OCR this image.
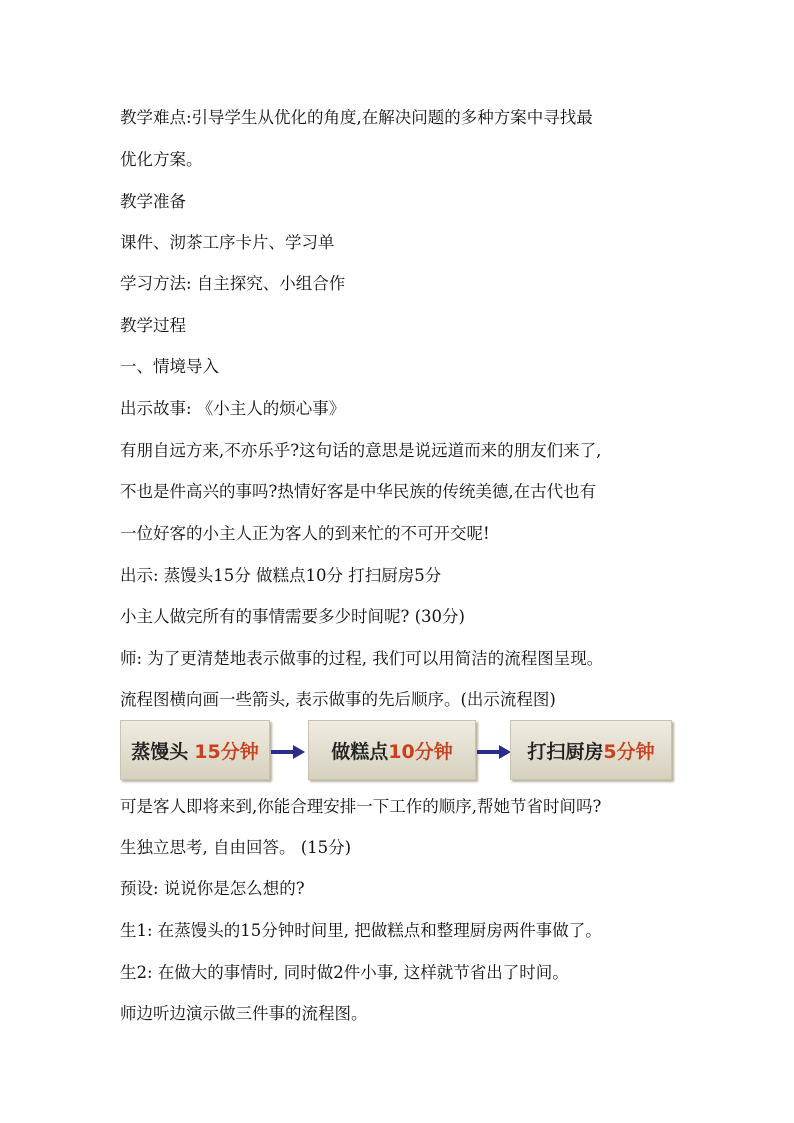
教学难点:引导学生从优化的角度,在解决问题的多种方案中寻找最
优化方案。
教学准备
课件、沏茶工序卡片、学习单
学习方法: 自主探究、小组合作
教学过程
一、情境导入
出示故事: 《小主人的烦心事》
有朋自远方来,不亦乐乎?这句话的意思是说远道而来的朋友们来了,
不也是件高兴的事吗?热情好客是中华民族的传统美德,在古代也有
一位好客的小主人正为客人的到来忙的不可开交呢!
出示: 蒸馒头15分 做糕点10分 打扫厨房5分
小主人做完所有的事情需要多少时间呢? (30分)
师: 为了更清楚地表示做事的过程, 我们可以用简洁的流程图呈现。
流程图横向画一些箭头, 表示做事的先后顺序。(出示流程图)
蒸馒头 15分钟	做糕点 10分钟	打扫厨房 5分钟
可是客人即将来到,你能合理安排一下工作的顺序,帮她节省时间吗?
生独立思考, 自由回答。 (15分)
预设: 说说你是怎么想的?
生1: 在蒸馒头的15分钟时间里, 把做糕点和整理厨房两件事做了。
生2: 在做大的事情时, 同时做2件小事, 这样就节省出了时间。
师边听边演示做三件事的流程图。
